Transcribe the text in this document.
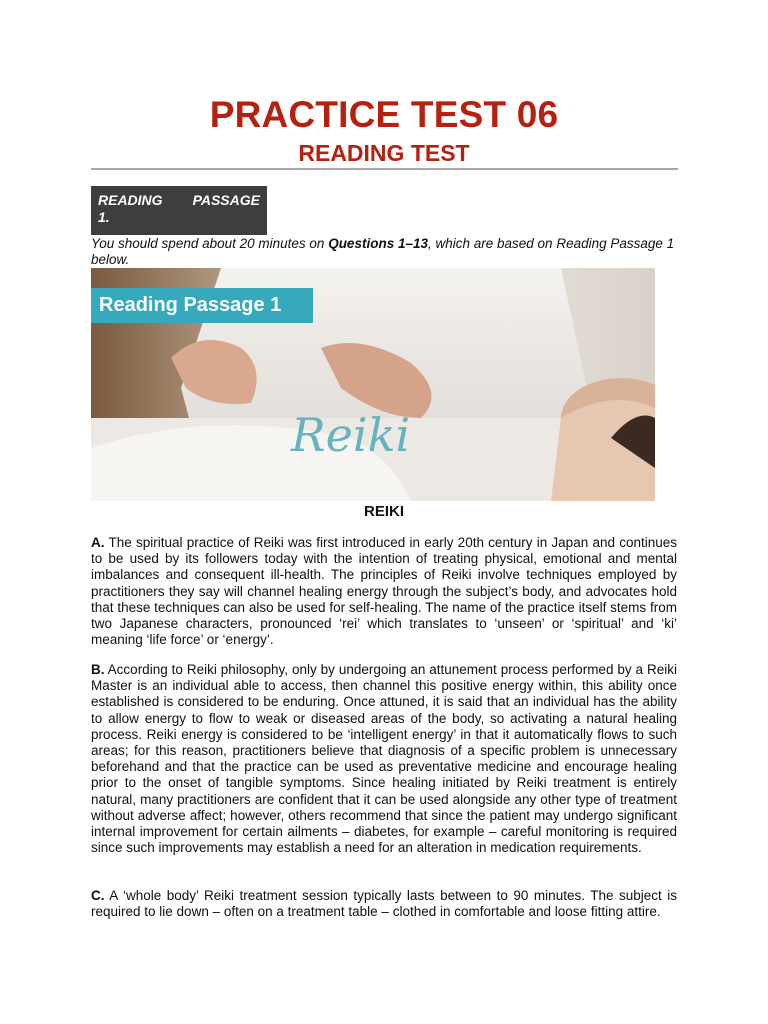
PRACTICE TEST 06
READING TEST
READING PASSAGE
1.
You should spend about 20 minutes on Questions 1–13, which are based on Reading Passage 1 below.
Reading Passage 1
Reiki
REIKI

A. The spiritual practice of Reiki was first introduced in early 20th century in Japan and continues to be used by its followers today with the intention of treating physical, emotional and mental imbalances and consequent ill-health. The principles of Reiki involve techniques employed by practitioners they say will channel healing energy through the subject’s body, and advocates hold that these techniques can also be used for self-healing. The name of the practice itself stems from two Japanese characters, pronounced ‘rei’ which translates to ‘unseen’ or ‘spiritual’ and ‘ki’ meaning ‘life force’ or ‘energy’.

B. According to Reiki philosophy, only by undergoing an attunement process performed by a Reiki Master is an individual able to access, then channel this positive energy within, this ability once established is considered to be enduring. Once attuned, it is said that an individual has the ability to allow energy to flow to weak or diseased areas of the body, so activating a natural healing process. Reiki energy is considered to be ‘intelligent energy’ in that it automatically flows to such areas; for this reason, practitioners believe that diagnosis of a specific problem is unnecessary beforehand and that the practice can be used as preventative medicine and encourage healing prior to the onset of tangible symptoms. Since healing initiated by Reiki treatment is entirely natural, many practitioners are confident that it can be used alongside any other type of treatment without adverse affect; however, others recommend that since the patient may undergo significant internal improvement for certain ailments – diabetes, for example – careful monitoring is required since such improvements may establish a need for an alteration in medication requirements.

C. A ‘whole body’ Reiki treatment session typically lasts between to 90 minutes. The subject is required to lie down – often on a treatment table – clothed in comfortable and loose fitting attire.
